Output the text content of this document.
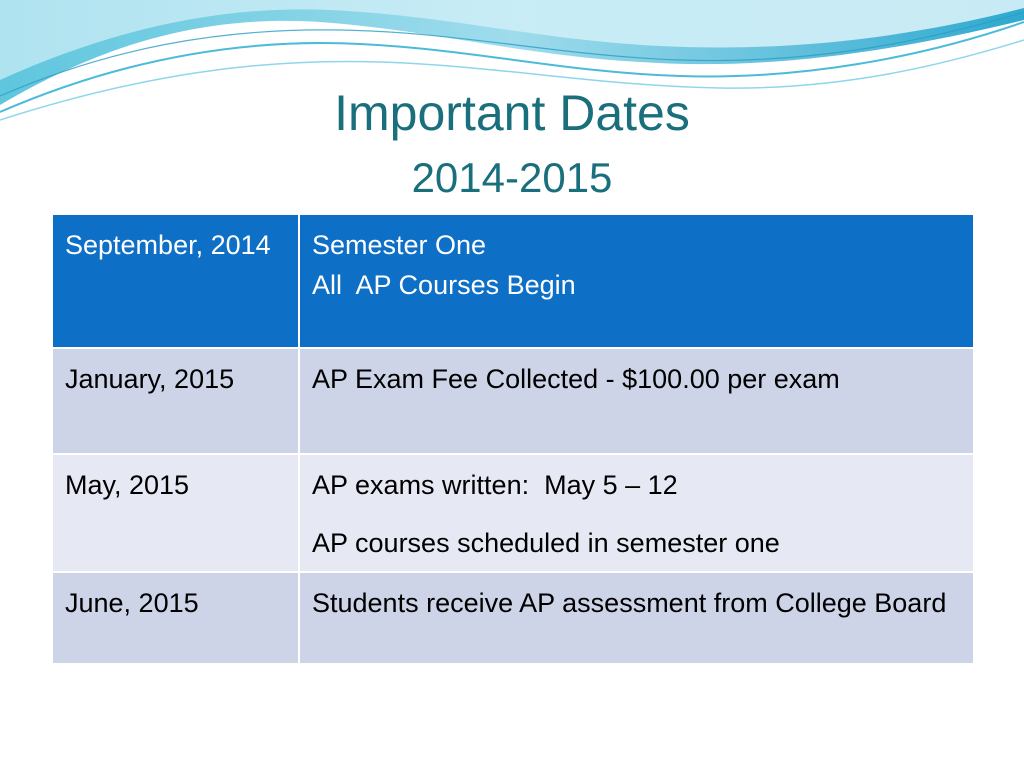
Important Dates
2014-2015
September, 2014	Semester One
All  AP Courses Begin

January, 2015	AP Exam Fee Collected - $100.00 per exam

May, 2015	AP exams written:  May 5 – 12
AP courses scheduled in semester one

June, 2015	Students receive AP assessment from College Board
